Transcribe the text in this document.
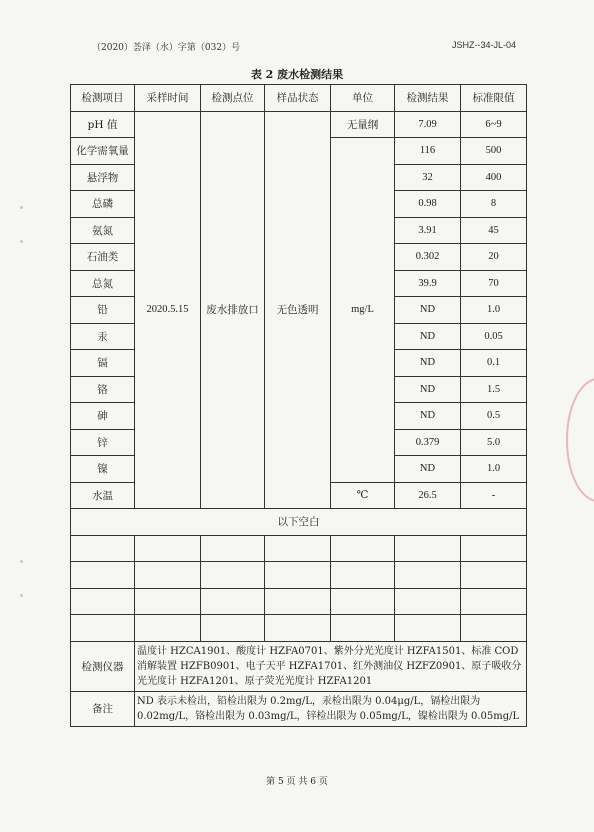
（2020）荟泽（水）字第（032）号	JSHZ--34-JL-04
表 2 废水检测结果
检测项目	采样时间	检测点位	样品状态	单位	检测结果	标准限值
pH 值	2020.5.15	废水排放口	无色透明	无量纲	7.09	6~9
化学需氧量				mg/L	116	500
悬浮物					32	400
总磷					0.98	8
氨氮					3.91	45
石油类					0.302	20
总氮					39.9	70
铅					ND	1.0
汞					ND	0.05
镉					ND	0.1
铬					ND	1.5
砷					ND	0.5
锌					0.379	5.0
镍					ND	1.0
水温				℃	26.5	-
以下空白						

检测仪器	温度计 HZCA1901、酸度计 HZFA0701、紫外分光光度计 HZFA1501、标准 COD 消解装置 HZFB0901、电子天平 HZFA1701、红外测油仪 HZFZ0901、原子吸收分光光度计 HZFA1201、原子荧光光度计 HZFA1201					
备注	ND 表示未检出，铅检出限为 0.2mg/L，汞检出限为 0.04μg/L，镉检出限为 0.02mg/L，铬检出限为 0.03mg/L，锌检出限为 0.05mg/L，镍检出限为 0.05mg/L					
第 5 页 共 6 页
